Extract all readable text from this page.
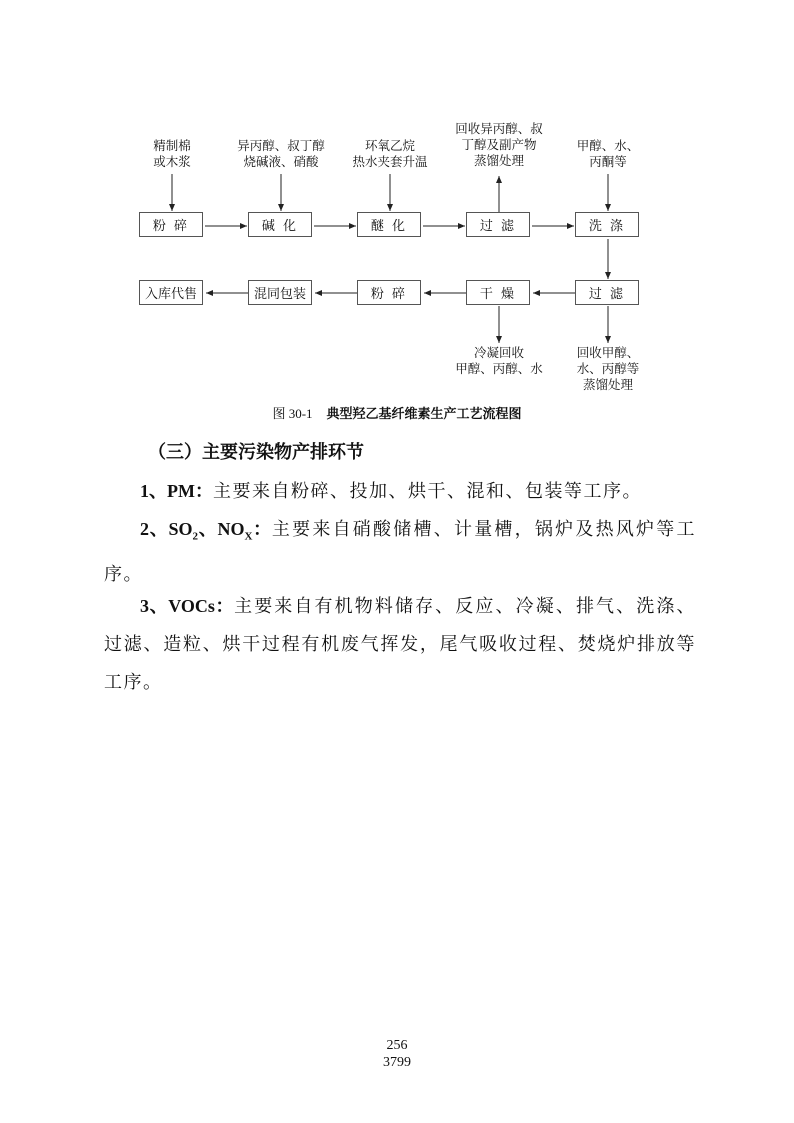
粉 碎	碱 化	醚 化	过 滤	洗 涤
过 滤
干 燥
粉 碎
混同包装
入库代售
精制棉
或木浆
异丙醇、叔丁醇
烧碱液、硝酸
环氧乙烷
热水夹套升温
回收异丙醇、叔
丁醇及副产物
蒸馏处理
甲醇、水、
丙酮等
冷凝回收
甲醇、丙醇、水
回收甲醇、
水、丙醇等
蒸馏处理
图 30-1 典型羟乙基纤维素生产工艺流程图
（三）主要污染物产排环节
1、PM：主要来自粉碎、投加、烘干、混和、包装等工序。
2、$SO_2$、$NO_X$：主要来自硝酸储槽、计量槽，锅炉及热风炉等工序。
3、VOCs：主要来自有机物料储存、反应、冷凝、排气、洗涤、过滤、造粒、烘干过程有机废气挥发，尾气吸收过程、焚烧炉排放等工序。
256
3799
